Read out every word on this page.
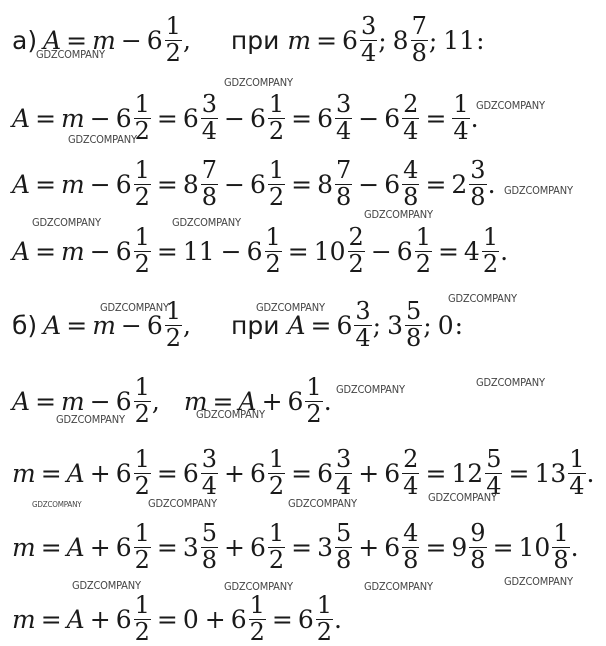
а) $A = m - 6 \frac{1}{2}$ , при $m = 6 \frac{3}{4}$ ; $8 \frac{7}{8}$ ; 11 :
$A = m - 6 \frac{1}{2} = 6 \frac{3}{4} - 6 \frac{1}{2} = 6 \frac{3}{4} - 6 \frac{2}{4} = \frac{1}{4}$ .
$A = m - 6 \frac{1}{2} = 8 \frac{7}{8} - 6 \frac{1}{2} = 8 \frac{7}{8} - 6 \frac{4}{8} = 2 \frac{3}{8}$ .
$A = m - 6 \frac{1}{2} = 11 - 6 \frac{1}{2} = 10 \frac{2}{2} - 6 \frac{1}{2} = 4 \frac{1}{2}$ .
б) $A = m - 6 \frac{1}{2}$ , при $A = 6 \frac{3}{4}$ ; $3 \frac{5}{8}$ ; 0 :
$A = m - 6 \frac{1}{2}$ , $m = A + 6 \frac{1}{2}$ .
$m = A + 6 \frac{1}{2} = 6 \frac{3}{4} + 6 \frac{1}{2} = 6 \frac{3}{4} + 6 \frac{2}{4} = 12 \frac{5}{4} = 13 \frac{1}{4}$ .
$m = A + 6 \frac{1}{2} = 3 \frac{5}{8} + 6 \frac{1}{2} = 3 \frac{5}{8} + 6 \frac{4}{8} = 9 \frac{9}{8} = 10 \frac{1}{8}$ .
$m = A + 6 \frac{1}{2} = 0 + 6 \frac{1}{2} = 6 \frac{1}{2}$ .
GDZCOMPANY
GDZCOMPANY
GDZCOMPANY
GDZCOMPANY
GDZCOMPANY
GDZCOMPANY
GDZCOMPANY	GDZCOMPANY
GDZCOMPANY
GDZCOMPANY	GDZCOMPANY
GDZCOMPANY
GDZCOMPANY
GDZCOMPANY	GDZCOMPANY
GDZCOMPANY	GDZCOMPANY	GDZCOMPANY
GDZCOMPANY
GDZCOMPANY	GDZCOMPANY	GDZCOMPANY	GDZCOMPANY
